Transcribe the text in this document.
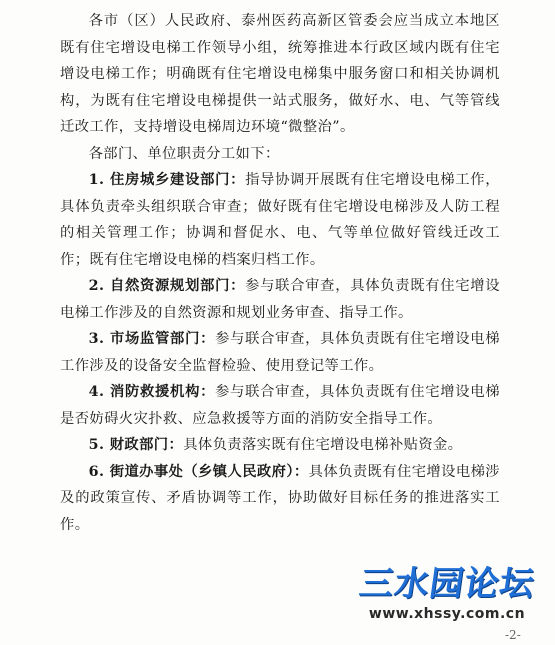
各市（区）人民政府、泰州医药高新区管委会应当成立本地区既有住宅增设电梯工作领导小组，统筹推进本行政区域内既有住宅增设电梯工作；明确既有住宅增设电梯集中服务窗口和相关协调机构，为既有住宅增设电梯提供一站式服务，做好水、电、气等管线迁改工作，支持增设电梯周边环境“微整治”。

各部门、单位职责分工如下：

1. 住房城乡建设部门：指导协调开展既有住宅增设电梯工作，具体负责牵头组织联合审查；做好既有住宅增设电梯涉及人防工程的相关管理工作；协调和督促水、电、气等单位做好管线迁改工作；既有住宅增设电梯的档案归档工作。

2. 自然资源规划部门：参与联合审查，具体负责既有住宅增设电梯工作涉及的自然资源和规划业务审查、指导工作。

3. 市场监管部门：参与联合审查，具体负责既有住宅增设电梯工作涉及的设备安全监督检验、使用登记等工作。

4. 消防救援机构：参与联合审查，具体负责既有住宅增设电梯是否妨碍火灾扑救、应急救援等方面的消防安全指导工作。

5. 财政部门：具体负责落实既有住宅增设电梯补贴资金。

6. 街道办事处（乡镇人民政府）：具体负责既有住宅增设电梯涉及的政策宣传、矛盾协调等工作，协助做好目标任务的推进落实工作。

-2-
三水园论坛
www.xhssy.com.cn
